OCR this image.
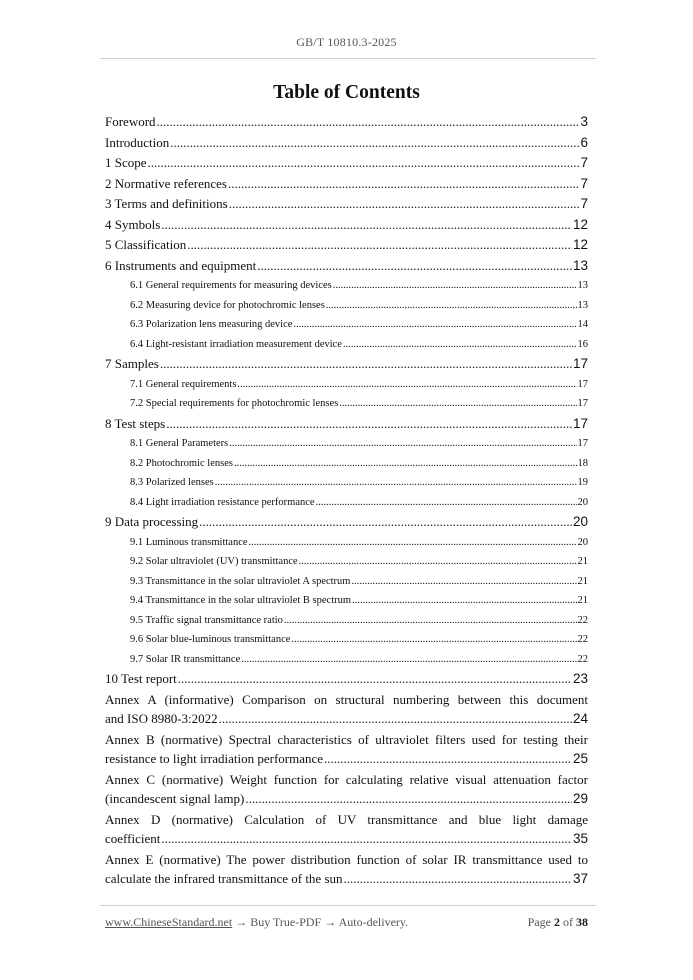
GB/T 10810.3-2025
Table of Contents
Foreword .....	3
Introduction .....	6
1 Scope .....	7
2 Normative references .....	7
3 Terms and definitions .....	7
4 Symbols .....	12
5 Classification .....	12
6 Instruments and equipment .....	13
6.1 General requirements for measuring devices .....	13
6.2 Measuring device for photochromic lenses .....	13
6.3 Polarization lens measuring device .....	14
6.4 Light-resistant irradiation measurement device .....	16
7 Samples .....	17
7.1 General requirements .....	17
7.2 Special requirements for photochromic lenses .....	17
8 Test steps .....	17
8.1 General Parameters .....	17
8.2 Photochromic lenses .....	18
8.3 Polarized lenses .....	19
8.4 Light irradiation resistance performance .....	20
9 Data processing .....	20
9.1 Luminous transmittance .....	20
9.2 Solar ultraviolet (UV) transmittance .....	21
9.3 Transmittance in the solar ultraviolet A spectrum .....	21
9.4 Transmittance in the solar ultraviolet B spectrum .....	21
9.5 Traffic signal transmittance ratio .....	22
9.6 Solar blue-luminous transmittance .....	22
9.7 Solar IR transmittance .....	22
10 Test report .....	23
Annex A (informative) Comparison on structural numbering between this document
and ISO 8980-3:2022 .....	24
Annex B (normative) Spectral characteristics of ultraviolet filters used for testing their
resistance to light irradiation performance .....	25
Annex C (normative) Weight function for calculating relative visual attenuation factor
(incandescent signal lamp) .....	29
Annex D (normative) Calculation of UV transmittance and blue light damage
coefficient .....	35
Annex E (normative) The power distribution function of solar IR transmittance used to
calculate the infrared transmittance of the sun .....	37
www.ChineseStandard.net → Buy True-PDF → Auto-delivery.	Page 2 of 38
